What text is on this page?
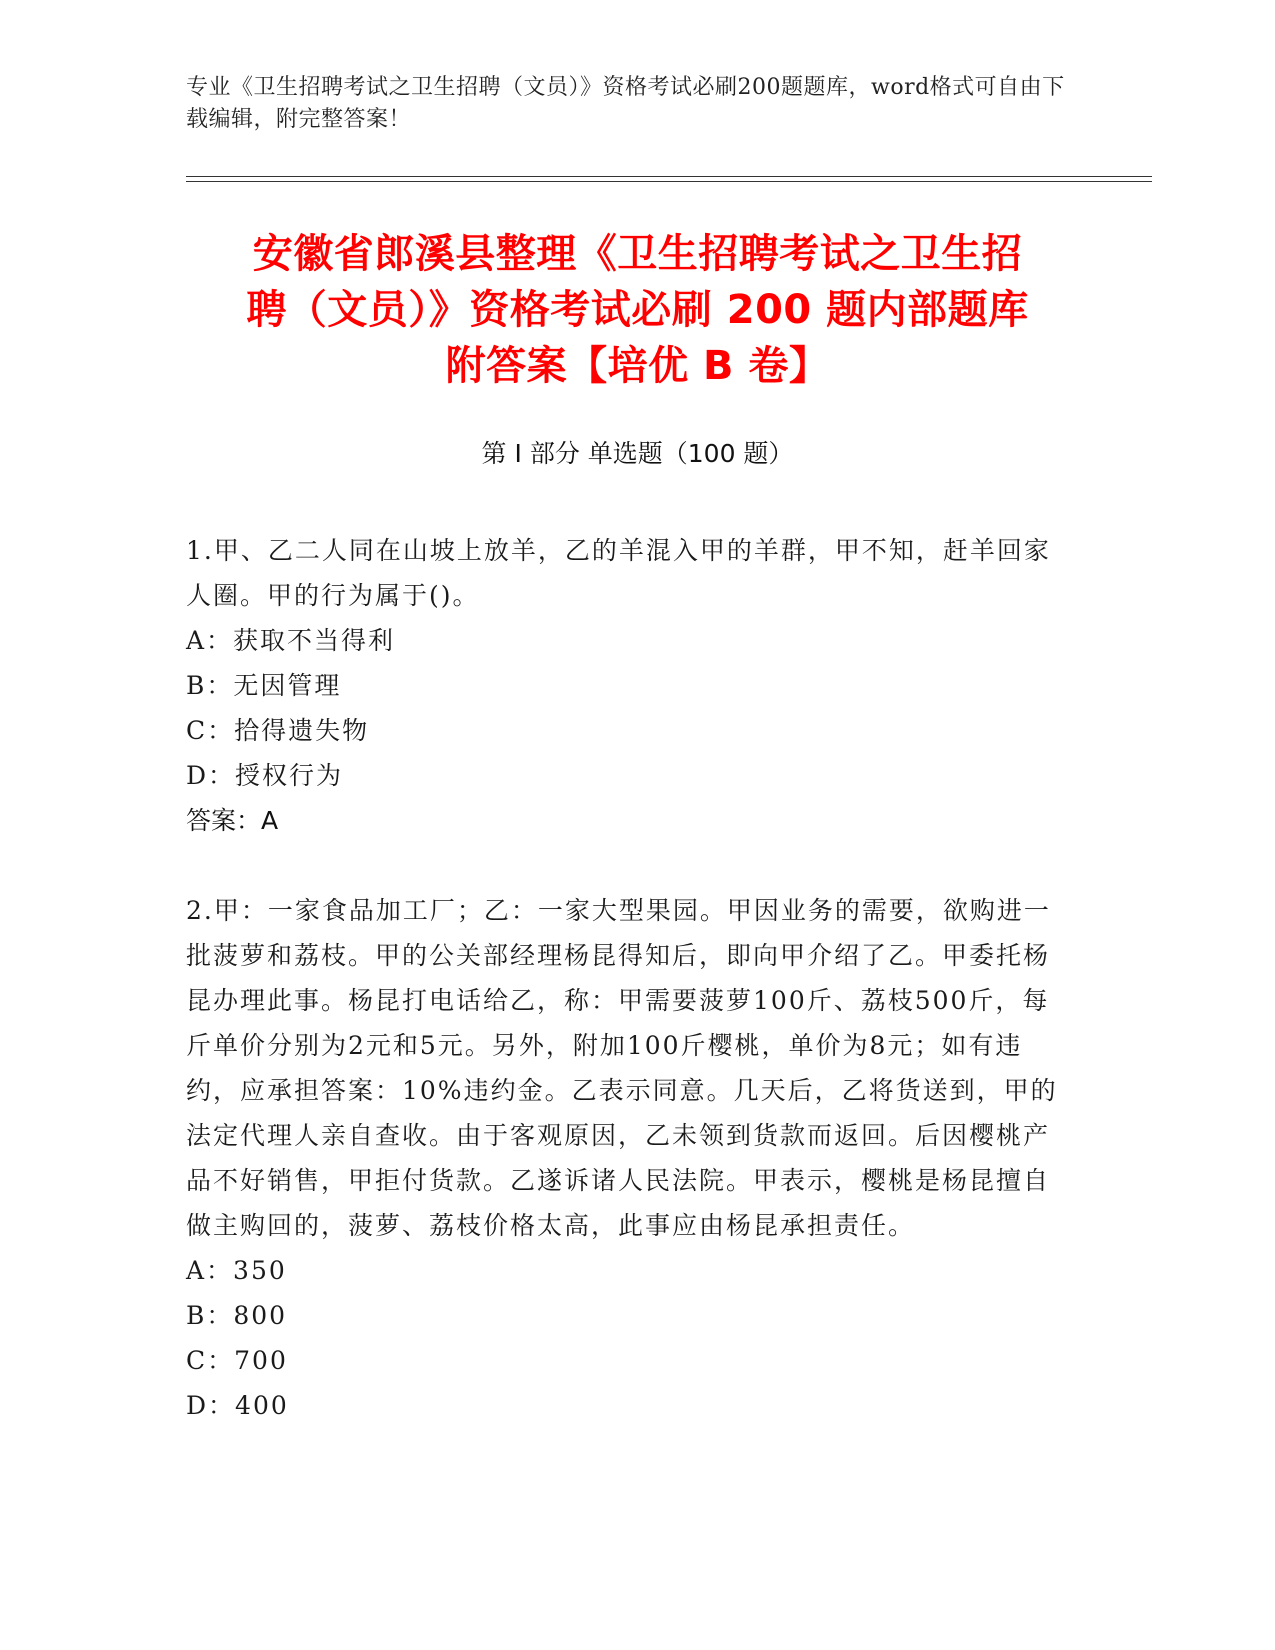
专业《卫生招聘考试之卫生招聘（文员）》资格考试必刷200题题库，word格式可自由下载编辑，附完整答案！
安徽省郎溪县整理《卫生招聘考试之卫生招
聘（文员）》资格考试必刷 200 题内部题库
附答案【培优 B 卷】
第 I 部分 单选题（100 题）

1.甲、乙二人同在山坡上放羊，乙的羊混入甲的羊群，甲不知，赶羊回家人圈。甲的行为属于()。

A：获取不当得利

B：无因管理

C：拾得遗失物

D：授权行为

答案：A

2.甲：一家食品加工厂；乙：一家大型果园。甲因业务的需要，欲购进一批菠萝和荔枝。甲的公关部经理杨昆得知后，即向甲介绍了乙。甲委托杨昆办理此事。杨昆打电话给乙，称：甲需要菠萝100斤、荔枝500斤，每斤单价分别为2元和5元。另外，附加100斤樱桃，单价为8元；如有违约，应承担答案：10%违约金。乙表示同意。几天后，乙将货送到，甲的法定代理人亲自查收。由于客观原因，乙未领到货款而返回。后因樱桃产品不好销售，甲拒付货款。乙遂诉诸人民法院。甲表示，樱桃是杨昆擅自做主购回的，菠萝、荔枝价格太高，此事应由杨昆承担责任。

A：350

B：800

C：700

D：400
